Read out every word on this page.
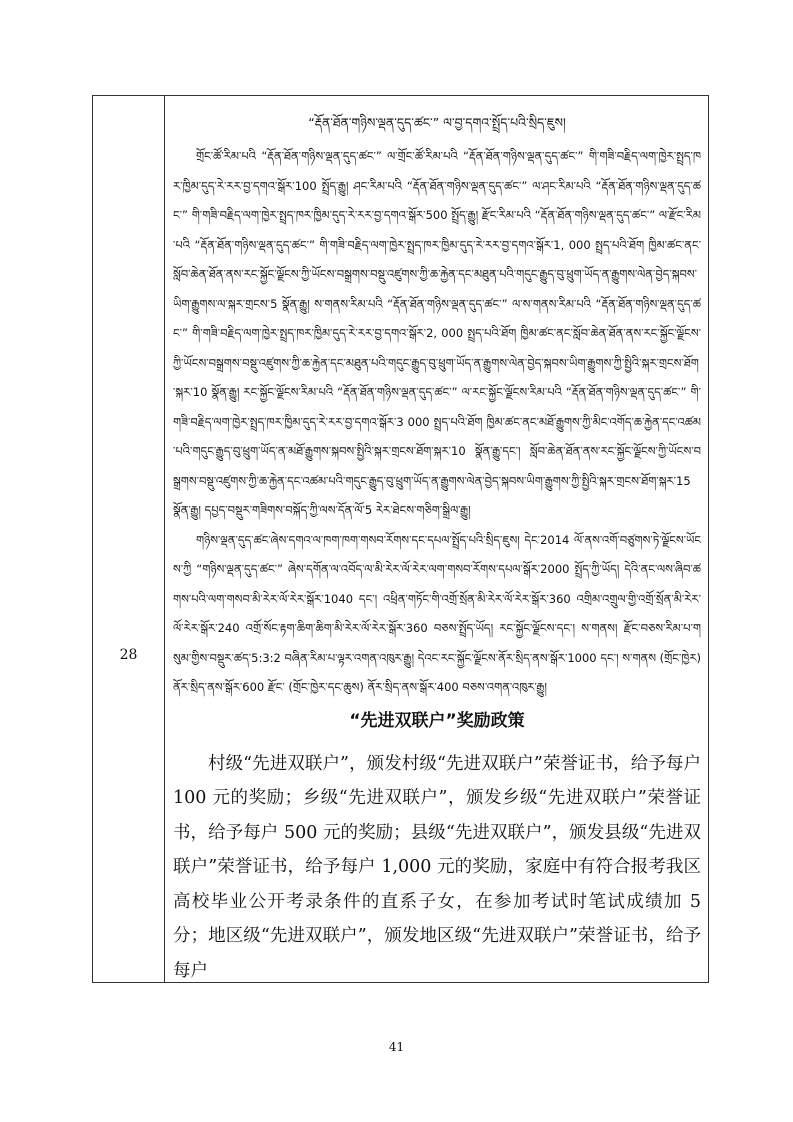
28
“རྡོན་ཐོན་གཉིས་ལྡན་དུད་ཚང་” ལ་བྱ་དགའ་སྤྲོད་པའི་སྲིད་ཇུས།

གྲོང་ཚོ་རིམ་པའི “རྡོན་ཐོན་གཉིས་ལྡན་དུད་ཚང་” ལ་གྲོང་ཚོ་རིམ་པའི “རྡོན་ཐོན་གཉིས་ལྡན་དུད་ཚང་” གི་གཟི་བརྗིད་ལག་ཁྱེར་སྤྲད་ཁར་ཁྱིམ་དུད་རེ་རར་བྱ་དགའ་སྒོར་100 སྤྲོད་རྒྱུ། ཤང་རིམ་པའི “རྡོན་ཐོན་གཉིས་ལྡན་དུད་ཚང་” ལ་ཤང་རིམ་པའི “རྡོན་ཐོན་གཉིས་ལྡན་དུད་ཚང་” གི་གཟི་བརྗིད་ལག་ཁྱེར་སྤྲད་ཁར་ཁྱིམ་དུད་རེ་རར་བྱ་དགའ་སྒོར་500 སྤྲོད་རྒྱུ། རྫོང་རིམ་པའི “རྡོན་ཐོན་གཉིས་ལྡན་དུད་ཚང་” ལ་རྫོང་རིམ་པའི “རྡོན་ཐོན་གཉིས་ལྡན་དུད་ཚང་” གི་གཟི་བརྗིད་ལག་ཁྱེར་སྤྲད་ཁར་ཁྱིམ་དུད་རེ་རར་བྱ་དགའ་སྒོར་1, 000 སྤྲད་པའི་ཐོག ཁྱིམ་ཚང་ནང་སློབ་ཆེན་ཐོན་ནས་རང་སྐྱོང་ལྗོངས་ཀྱི་ཡོངས་བསྒྲགས་བསྡུ་འཛུགས་ཀྱི་ཆ་རྐྱེན་དང་མཐུན་པའི་གདུང་རྒྱུད་བུ་ཕྲུག་ཡོད་ན་རྒྱུགས་ལེན་བྱེད་སྐབས་ཡིག་རྒྱུགས་ལ་སྐར་གྲངས་5 སྣོན་རྒྱུ། ས་གནས་རིམ་པའི “རྡོན་ཐོན་གཉིས་ལྡན་དུད་ཚང་” ལ་ས་གནས་རིམ་པའི “རྡོན་ཐོན་གཉིས་ལྡན་དུད་ཚང་” གི་གཟི་བརྗིད་ལག་ཁྱེར་སྤྲད་ཁར་ཁྱིམ་དུད་རེ་རར་བྱ་དགའ་སྒོར་2, 000 སྤྲད་པའི་ཐོག ཁྱིམ་ཚང་ནང་སློབ་ཆེན་ཐོན་ནས་རང་སྐྱོང་ལྗོངས་ཀྱི་ཡོངས་བསྒྲགས་བསྡུ་འཛུགས་ཀྱི་ཆ་རྐྱེན་དང་མཐུན་པའི་གདུང་རྒྱུད་བུ་ཕྲུག་ཡོད་ན་རྒྱུགས་ལེན་བྱེད་སྐབས་ཡིག་རྒྱུགས་ཀྱི་སྤྱིའི་སྐར་གྲངས་ཐོག་སྐར་10 སྣོན་རྒྱུ། རང་སྐྱོང་ལྗོངས་རིམ་པའི “རྡོན་ཐོན་གཉིས་ལྡན་དུད་ཚང་” ལ་རང་སྐྱོང་ལྗོངས་རིམ་པའི “རྡོན་ཐོན་གཉིས་ལྡན་དུད་ཚང་” གི་གཟི་བརྗིད་ལག་ཁྱེར་སྤྲད་ཁར་ཁྱིམ་དུད་རེ་རར་བྱ་དགའ་སྒོར་3 000 སྤྲད་པའི་ཐོག ཁྱིམ་ཚང་ནང་མཐོ་རྒྱུགས་ཀྱི་མིང་འགོད་ཆ་རྐྱེན་དང་འཚམ་པའི་གདུང་རྒྱུད་བུ་ཕྲུག་ཡོད་ན་མཐོ་རྒྱུགས་སྐབས་སྤྱིའི་སྐར་གྲངས་ཐོག་སྐར་10 སྣོན་རྒྱུ་དང་། སློབ་ཆེན་ཐོན་ནས་རང་སྐྱོང་ལྗོངས་ཀྱི་ཡོངས་བསྒྲགས་བསྡུ་འཛུགས་ཀྱི་ཆ་རྐྱེན་དང་འཚམ་པའི་གདུང་རྒྱུད་བུ་ཕྲུག་ཡོད་ན་རྒྱུགས་ལེན་བྱེད་སྐབས་ཡིག་རྒྱུགས་ཀྱི་སྤྱིའི་སྐར་གྲངས་ཐོག་སྐར་15 སྣོན་རྒྱུ། དཔྱད་བསྡུར་གཟིགས་བསྐོད་ཀྱི་ལས་དོན་ལོ་5 རེར་ཐེངས་གཅིག་སྒྲིལ་རྒྱུ།

གཉིས་ལྡན་དུད་ཚང་ཞེས་དགའ་ལ་ཁག་ཁག་གསབ་རོགས་དང་དཔལ་སྤྲོད་པའི་སྲིད་ཇུས། དེང་2014 ལོ་ནས་འགོ་བཙུགས་ཏེ་ལྗོངས་ཡོངས་ཀྱི “གཉིས་ལྡན་དུད་ཚང་” ཞེས་དགོན་ལ་འབོད་ལ་མི་རེར་ལོ་རེར་ལག་གསབ་རོགས་དཔལ་སྒོར་2000 སྤྲོད་ཀྱི་ཡོད། དེའི་ནང་ལས་ཞིབ་ཚགས་པའི་ལག་གསབ་མི་རེར་ལོ་རེར་སྒོར་1040 དང་། འཕྲིན་གཏོང་གི་འགྲོ་སྲོན་མི་རེར་ལོ་རེར་སྒོར་360 འགྲིམ་འགྲུལ་གྱི་འགྲོ་སྲོན་མི་རེར་ལོ་རེར་སྒོར་240 འགྲོ་སོང་རྟག་ཆིག་ཆིག་མི་རེར་ལོ་རེར་སྒོར་360 བཅས་སྤྲོད་ཡོད། རང་སྐྱོང་ལྗོངས་དང་། ས་གནས། རྫོང་བཅས་རིམ་པ་གསུམ་གྱིས་བསྡུར་ཚད་5:3:2 བཞིན་རིམ་པ་ལྟར་འགན་འཁུར་རྒྱུ། དེའང་རང་སྐྱོང་ལྗོངས་ནོར་སྲིད་ནས་སྒོར་1000 དང་། ས་གནས (གྲོང་ཁྱེར) ནོར་སྲིད་ནས་སྒོར་600 རྫོང་ (གྲོང་ཁྱེར་དང་ཆུས) ནོར་སྲིད་ནས་སྒོར་400 བཅས་འགན་འཁུར་རྒྱུ།

“先进双联户”奖励政策

村级“先进双联户”，颁发村级“先进双联户”荣誉证书，给予每户 100 元的奖励；乡级“先进双联户”，颁发乡级“先进双联户”荣誉证书，给予每户 500 元的奖励；县级“先进双联户”，颁发县级“先进双联户”荣誉证书，给予每户 1,000 元的奖励，家庭中有符合报考我区高校毕业公开考录条件的直系子女，在参加考试时笔试成绩加 5 分；地区级“先进双联户”，颁发地区级“先进双联户”荣誉证书，给予每户

41
